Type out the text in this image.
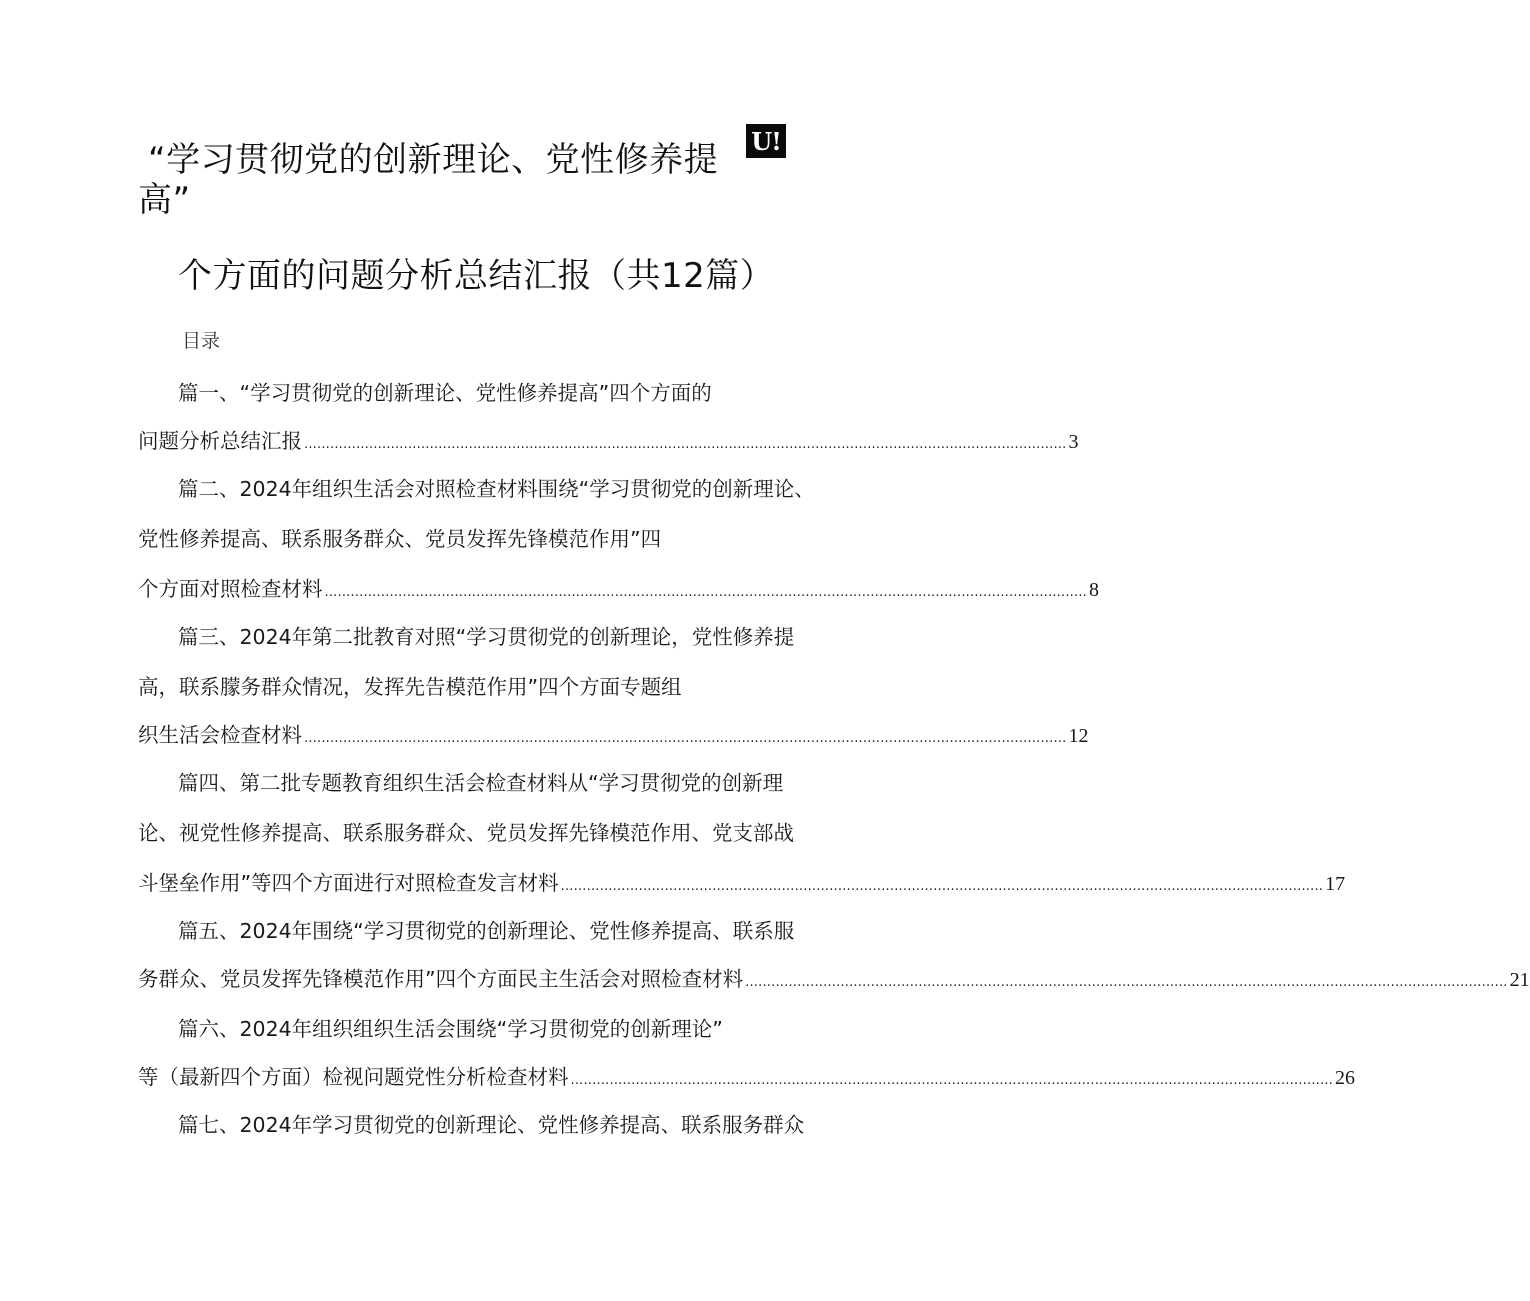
“学习贯彻党的创新理论、党性修养提 U!
高”
个方面的问题分析总结汇报（共12篇）
目录
篇一、“学习贯彻党的创新理论、党性修养提高”四个方面的
问题分析总结汇报 ................................................................................................................................................................................ 3
篇二、2024年组织生活会对照检查材料围绕“学习贯彻党的创新理论、
党性修养提高、联系服务群众、党员发挥先锋模范作用”四
个方面对照检查材料 ................................................................................................................................................................................ 8
篇三、2024年第二批教育对照“学习贯彻党的创新理论，党性修养提
高，联系朦务群众情况，发挥先告模范作用”四个方面专题组
织生活会检查材料 ................................................................................................................................................................................ 12
篇四、第二批专题教育组织生活会检查材料从“学习贯彻党的创新理
论、视党性修养提高、联系服务群众、党员发挥先锋模范作用、党支部战
斗堡垒作用”等四个方面进行对照检查发言材料 ................................................................................................................................................................................ 17
篇五、2024年围绕“学习贯彻党的创新理论、党性修养提高、联系服
务群众、党员发挥先锋模范作用”四个方面民主生活会对照检查材料 ................................................................................................................................................................................ 21
篇六、2024年组织组织生活会围绕“学习贯彻党的创新理论”
等（最新四个方面）检视问题党性分析检查材料 ................................................................................................................................................................................ 26
篇七、2024年学习贯彻党的创新理论、党性修养提高、联系服务群众
